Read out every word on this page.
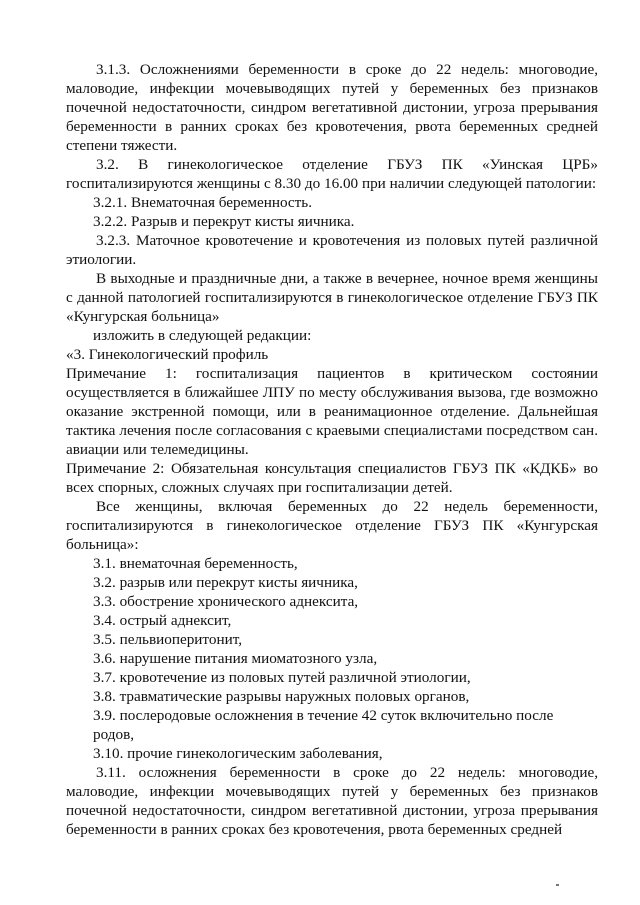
3.1.3. Осложнениями беременности в сроке до 22 недель: многоводие, маловодие, инфекции мочевыводящих путей у беременных без признаков почечной недостаточности, синдром вегетативной дистонии, угроза прерывания беременности в ранних сроках без кровотечения, рвота беременных средней степени тяжести.

3.2. В гинекологическое отделение ГБУЗ ПК «Уинская ЦРБ» госпитализируются женщины с 8.30 до 16.00 при наличии следующей патологии:

3.2.1. Внематочная беременность.

3.2.2. Разрыв и перекрут кисты яичника.

3.2.3. Маточное кровотечение и кровотечения из половых путей различной этиологии.

В выходные и праздничные дни, а также в вечернее, ночное время женщины с данной патологией госпитализируются в гинекологическое отделение ГБУЗ ПК «Кунгурская больница»

изложить в следующей редакции:

«3. Гинекологический профиль

Примечание 1: госпитализация пациентов в критическом состоянии осуществляется в ближайшее ЛПУ по месту обслуживания вызова, где возможно оказание экстренной помощи, или в реанимационное отделение. Дальнейшая тактика лечения после согласования с краевыми специалистами посредством сан. авиации или телемедицины.

Примечание 2: Обязательная консультация специалистов ГБУЗ ПК «КДКБ» во всех спорных, сложных случаях при госпитализации детей.

Все женщины, включая беременных до 22 недель беременности, госпитализируются в гинекологическое отделение ГБУЗ ПК «Кунгурская больница»:

3.1. внематочная беременность,

3.2. разрыв или перекрут кисты яичника,

3.3. обострение хронического аднексита,

3.4. острый аднексит,

3.5. пельвиоперитонит,

3.6. нарушение питания миоматозного узла,

3.7. кровотечение из половых путей различной этиологии,

3.8. травматические разрывы наружных половых органов,

3.9. послеродовые осложнения в течение 42 суток включительно после родов,

3.10. прочие гинекологическим заболевания,

3.11. осложнения беременности в сроке до 22 недель: многоводие, маловодие, инфекции мочевыводящих путей у беременных без признаков почечной недостаточности, синдром вегетативной дистонии, угроза прерывания беременности в ранних сроках без кровотечения, рвота беременных средней
